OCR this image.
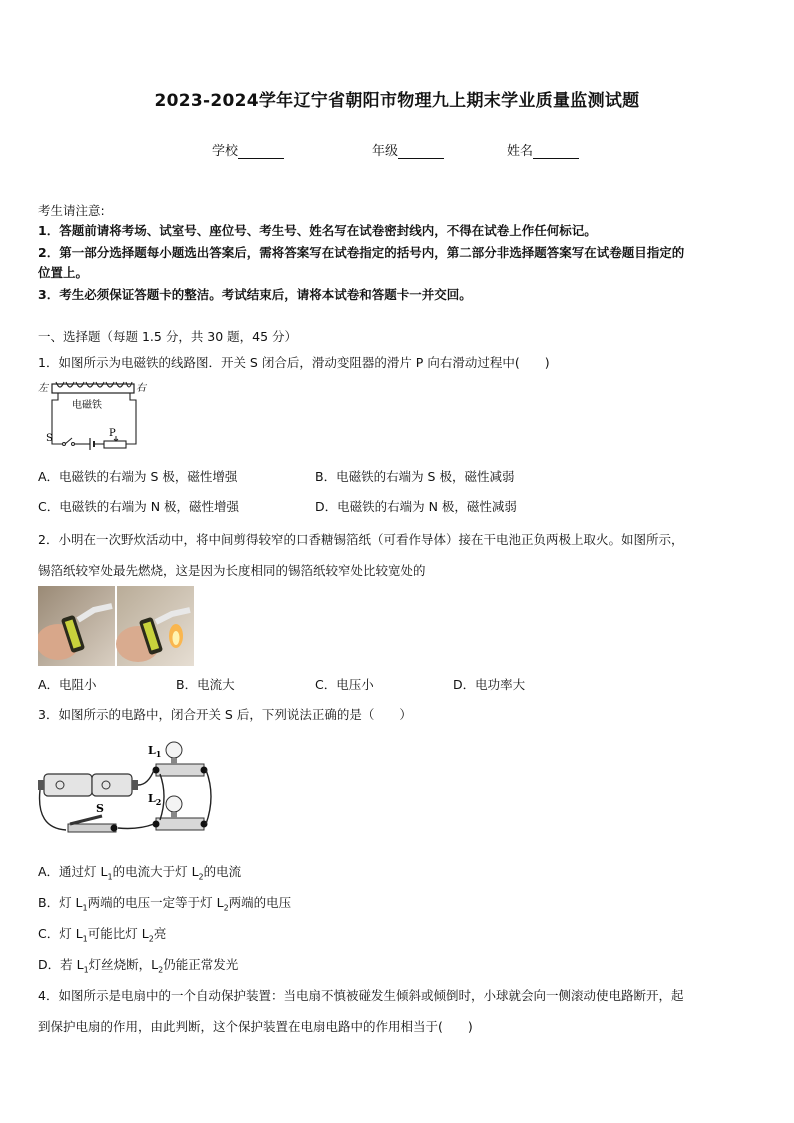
2023-2024学年辽宁省朝阳市物理九上期末学业质量监测试题
学校	年级	姓名
考生请注意:
1．答题前请将考场、试室号、座位号、考生号、姓名写在试卷密封线内，不得在试卷上作任何标记。
2．第一部分选择题每小题选出答案后，需将答案写在试卷指定的括号内，第二部分非选择题答案写在试卷题目指定的
位置上。
3．考生必须保证答题卡的整洁。考试结束后，请将本试卷和答题卡一并交回。
一、选择题（每题 1.5 分，共 30 题，45 分）
1．如图所示为电磁铁的线路图．开关 S 闭合后，滑动变阻器的滑片 P 向右滑动过程中(　　)
左	右
电磁铁
S	P
A．电磁铁的右端为 S 极，磁性增强	B．电磁铁的右端为 S 极，磁性减弱
C．电磁铁的右端为 N 极，磁性增强	D．电磁铁的右端为 N 极，磁性减弱
2．小明在一次野炊活动中，将中间剪得较窄的口香糖锡箔纸（可看作导体）接在干电池正负两极上取火。如图所示，
锡箔纸较窄处最先燃烧，这是因为长度相同的锡箔纸较窄处比较宽处的
A．电阻小	B．电流大	C．电压小	D．电功率大
3．如图所示的电路中，闭合开关 S 后，下列说法正确的是（　　）
$L_1$
$L_2$
S
A．通过灯 $L_1$的电流大于灯 $L_2$的电流
B．灯 $L_1$两端的电压一定等于灯 $L_2$两端的电压
C．灯 $L_1$可能比灯 $L_2$亮
D．若 $L_1$灯丝烧断，$L_2$仍能正常发光
4．如图所示是电扇中的一个自动保护装置：当电扇不慎被碰发生倾斜或倾倒时，小球就会向一侧滚动使电路断开，起
到保护电扇的作用，由此判断，这个保护装置在电扇电路中的作用相当于(　　)
